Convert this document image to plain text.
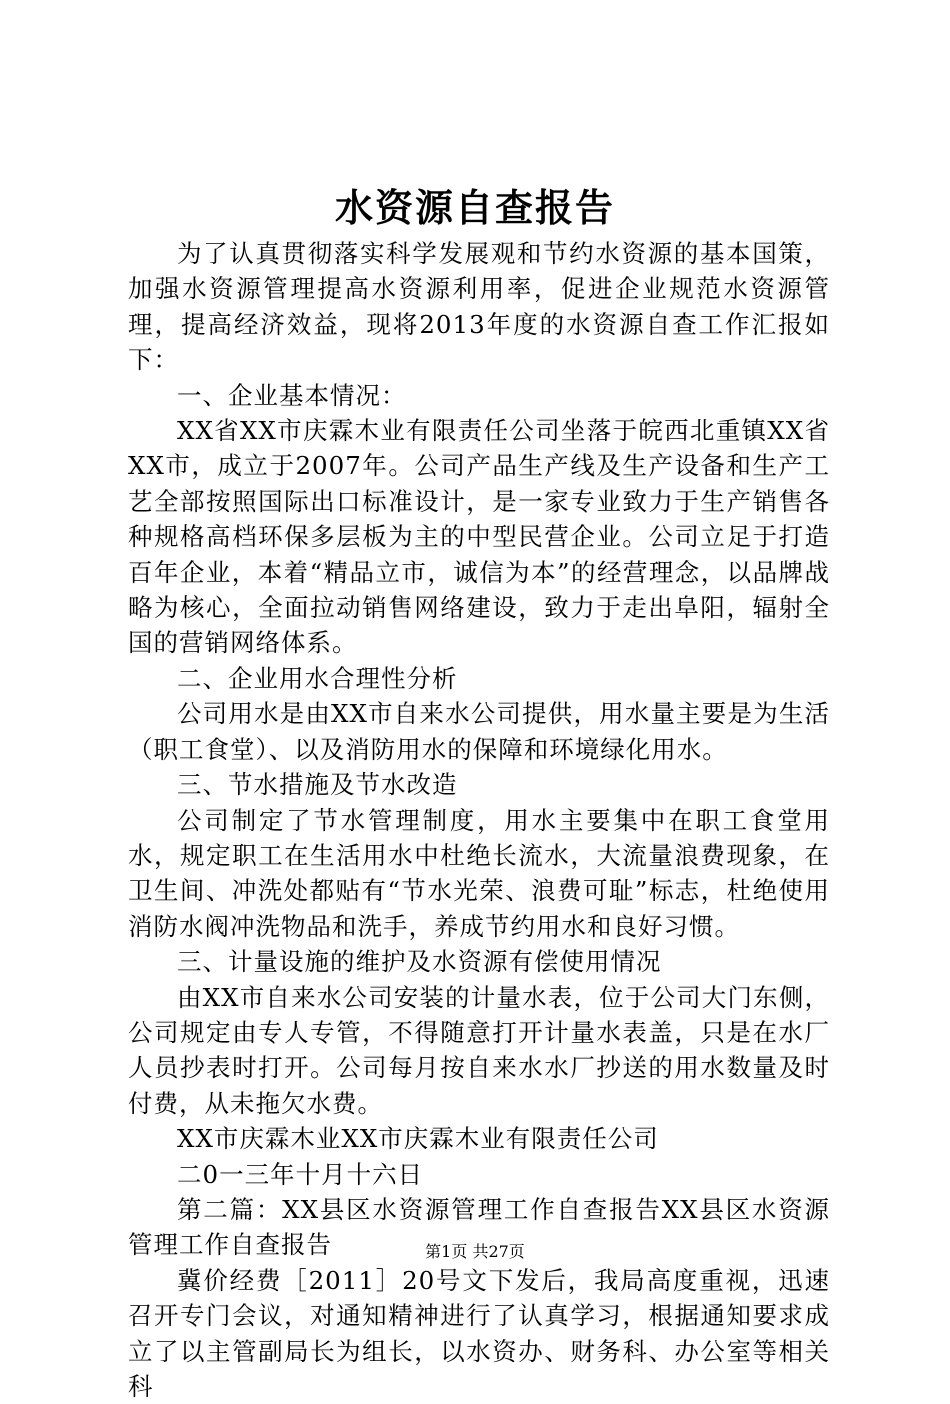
水资源自查报告

为了认真贯彻落实科学发展观和节约水资源的基本国策，加强水资源管理提高水资源利用率，促进企业规范水资源管理，提高经济效益，现将2013年度的水资源自查工作汇报如下：

一、企业基本情况：

XX省XX市庆霖木业有限责任公司坐落于皖西北重镇XX省XX市，成立于2007年。公司产品生产线及生产设备和生产工艺全部按照国际出口标准设计，是一家专业致力于生产销售各种规格高档环保多层板为主的中型民营企业。公司立足于打造百年企业，本着“精品立市，诚信为本”的经营理念，以品牌战略为核心，全面拉动销售网络建设，致力于走出阜阳，辐射全国的营销网络体系。

二、企业用水合理性分析

公司用水是由XX市自来水公司提供，用水量主要是为生活（职工食堂）、以及消防用水的保障和环境绿化用水。

三、节水措施及节水改造

公司制定了节水管理制度，用水主要集中在职工食堂用水，规定职工在生活用水中杜绝长流水，大流量浪费现象，在卫生间、冲洗处都贴有“节水光荣、浪费可耻”标志，杜绝使用消防水阀冲洗物品和洗手，养成节约用水和良好习惯。

三、计量设施的维护及水资源有偿使用情况

由XX市自来水公司安装的计量水表，位于公司大门东侧，公司规定由专人专管，不得随意打开计量水表盖，只是在水厂人员抄表时打开。公司每月按自来水水厂抄送的用水数量及时付费，从未拖欠水费。

XX市庆霖木业XX市庆霖木业有限责任公司

二0一三年十月十六日

第二篇：XX县区水资源管理工作自查报告XX县区水资源管理工作自查报告

冀价经费［2011］20号文下发后，我局高度重视，迅速召开专门会议，对通知精神进行了认真学习，根据通知要求成立了以主管副局长为组长，以水资办、财务科、办公室等相关科

第1页 共27页
